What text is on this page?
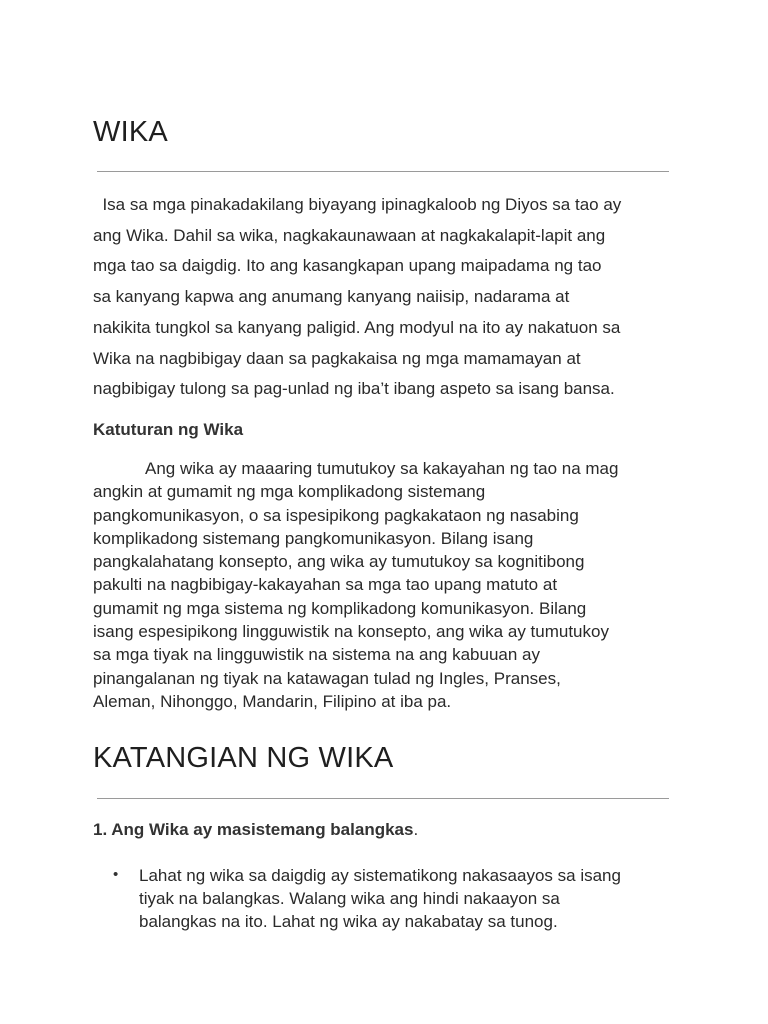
WIKA

Isa sa mga pinakadakilang biyayang ipinagkaloob ng Diyos sa tao ay
ang Wika. Dahil sa wika, nagkakaunawaan at nagkakalapit-lapit ang
mga tao sa daigdig. Ito ang kasangkapan upang maipadama ng tao
sa kanyang kapwa ang anumang kanyang naiisip, nadarama at
nakikita tungkol sa kanyang paligid. Ang modyul na ito ay nakatuon sa
Wika na nagbibigay daan sa pagkakaisa ng mga mamamayan at
nagbibigay tulong sa pag-unlad ng iba’t ibang aspeto sa isang bansa.

Katuturan ng Wika

Ang wika ay maaaring tumutukoy sa kakayahan ng tao na mag
angkin at gumamit ng mga komplikadong sistemang
pangkomunikasyon, o sa ispesipikong pagkakataon ng nasabing
komplikadong sistemang pangkomunikasyon. Bilang isang
pangkalahatang konsepto, ang wika ay tumutukoy sa kognitibong
pakulti na nagbibigay-kakayahan sa mga tao upang matuto at
gumamit ng mga sistema ng komplikadong komunikasyon. Bilang
isang espesipikong lingguwistik na konsepto, ang wika ay tumutukoy
sa mga tiyak na lingguwistik na sistema na ang kabuuan ay
pinangalanan ng tiyak na katawagan tulad ng Ingles, Pranses,
Aleman, Nihonggo, Mandarin, Filipino at iba pa.

KATANGIAN NG WIKA
1. Ang Wika ay masistemang balangkas.
•	Lahat ng wika sa daigdig ay sistematikong nakasaayos sa isang
tiyak na balangkas. Walang wika ang hindi nakaayon sa
balangkas na ito. Lahat ng wika ay nakabatay sa tunog.
